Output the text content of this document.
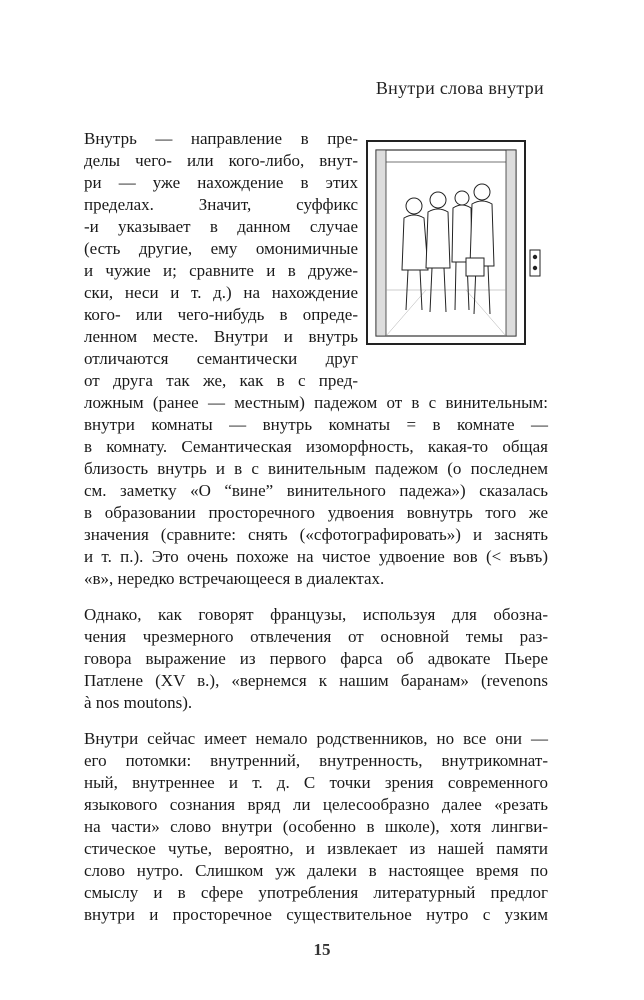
Внутри слова внутри
Внутрь — направление в пре-
делы чего- или кого-либо, внут-
ри — уже нахождение в этих
пределах. Значит, суффикс
-и указывает в данном случае
(есть другие, ему омонимичные
и чужие и; сравните и в друже-
ски, неси и т. д.) на нахождение
кого- или чего-нибудь в опреде-
ленном месте. Внутри и внутрь
отличаются семантически друг
от друга так же, как в с пред-
ложным (ранее — местным) падежом от в с винительным:
внутри комнаты — внутрь комнаты = в комнате —
в комнату. Семантическая изоморфность, какая-то общая
близость внутрь и в с винительным падежом (о последнем
см. заметку «О “вине” винительного падежа») сказалась
в образовании просторечного удвоения вовнутрь того же
значения (сравните: снять («сфотографировать») и заснять
и т. п.). Это очень похоже на чистое удвоение вов (< въвъ)
«в», нередко встречающееся в диалектах.
Однако, как говорят французы, используя для обозна-
чения чрезмерного отвлечения от основной темы раз-
говора выражение из первого фарса об адвокате Пьере
Патлене (XV в.), «вернемся к нашим баранам» (revenons
à nos moutons).
Внутри сейчас имеет немало родственников, но все они —
его потомки: внутренний, внутренность, внутрикомнат-
ный, внутреннее и т. д. С точки зрения современного
языкового сознания вряд ли целесообразно далее «резать
на части» слово внутри (особенно в школе), хотя лингви-
стическое чутье, вероятно, и извлекает из нашей памяти
слово нутро. Слишком уж далеки в настоящее время по
смыслу и в сфере употребления литературный предлог
внутри и просторечное существительное нутро с узким
15
